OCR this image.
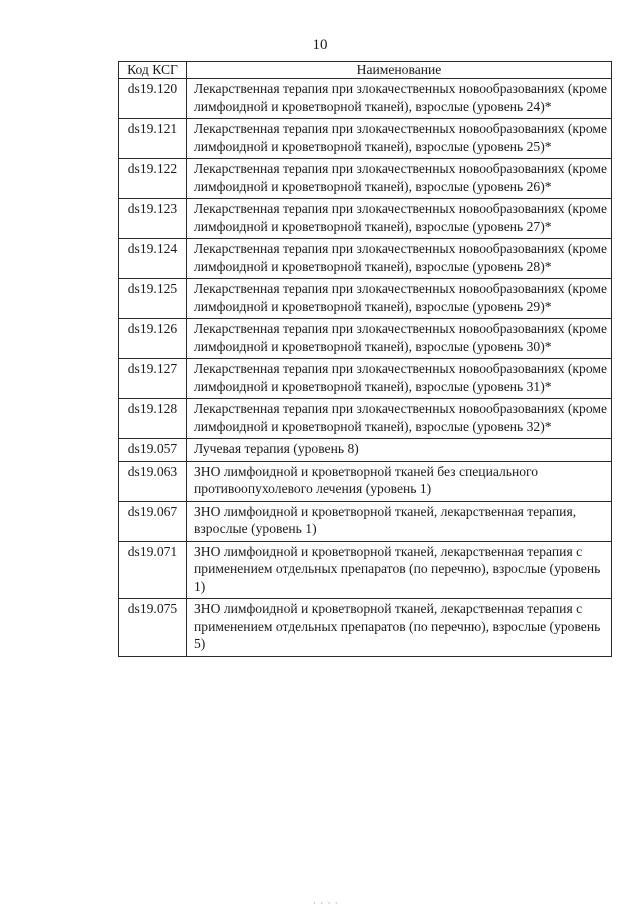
10
Код КСГ	Наименование
ds19.120	Лекарственная терапия при злокачественных новообразованиях (кроме лимфоидной и кроветворной тканей), взрослые (уровень 24)*
ds19.121	Лекарственная терапия при злокачественных новообразованиях (кроме лимфоидной и кроветворной тканей), взрослые (уровень 25)*
ds19.122	Лекарственная терапия при злокачественных новообразованиях (кроме лимфоидной и кроветворной тканей), взрослые (уровень 26)*
ds19.123	Лекарственная терапия при злокачественных новообразованиях (кроме лимфоидной и кроветворной тканей), взрослые (уровень 27)*
ds19.124	Лекарственная терапия при злокачественных новообразованиях (кроме лимфоидной и кроветворной тканей), взрослые (уровень 28)*
ds19.125	Лекарственная терапия при злокачественных новообразованиях (кроме лимфоидной и кроветворной тканей), взрослые (уровень 29)*
ds19.126	Лекарственная терапия при злокачественных новообразованиях (кроме лимфоидной и кроветворной тканей), взрослые (уровень 30)*
ds19.127	Лекарственная терапия при злокачественных новообразованиях (кроме лимфоидной и кроветворной тканей), взрослые (уровень 31)*
ds19.128	Лекарственная терапия при злокачественных новообразованиях (кроме лимфоидной и кроветворной тканей), взрослые (уровень 32)*
ds19.057	Лучевая терапия (уровень 8)
ds19.063	ЗНО лимфоидной и кроветворной тканей без специального противоопухолевого лечения (уровень 1)
ds19.067	ЗНО лимфоидной и кроветворной тканей, лекарственная терапия, взрослые (уровень 1)
ds19.071	ЗНО лимфоидной и кроветворной тканей, лекарственная терапия с применением отдельных препаратов (по перечню), взрослые (уровень 1)
ds19.075	ЗНО лимфоидной и кроветворной тканей, лекарственная терапия с применением отдельных препаратов (по перечню), взрослые (уровень 5)
· · · ·
